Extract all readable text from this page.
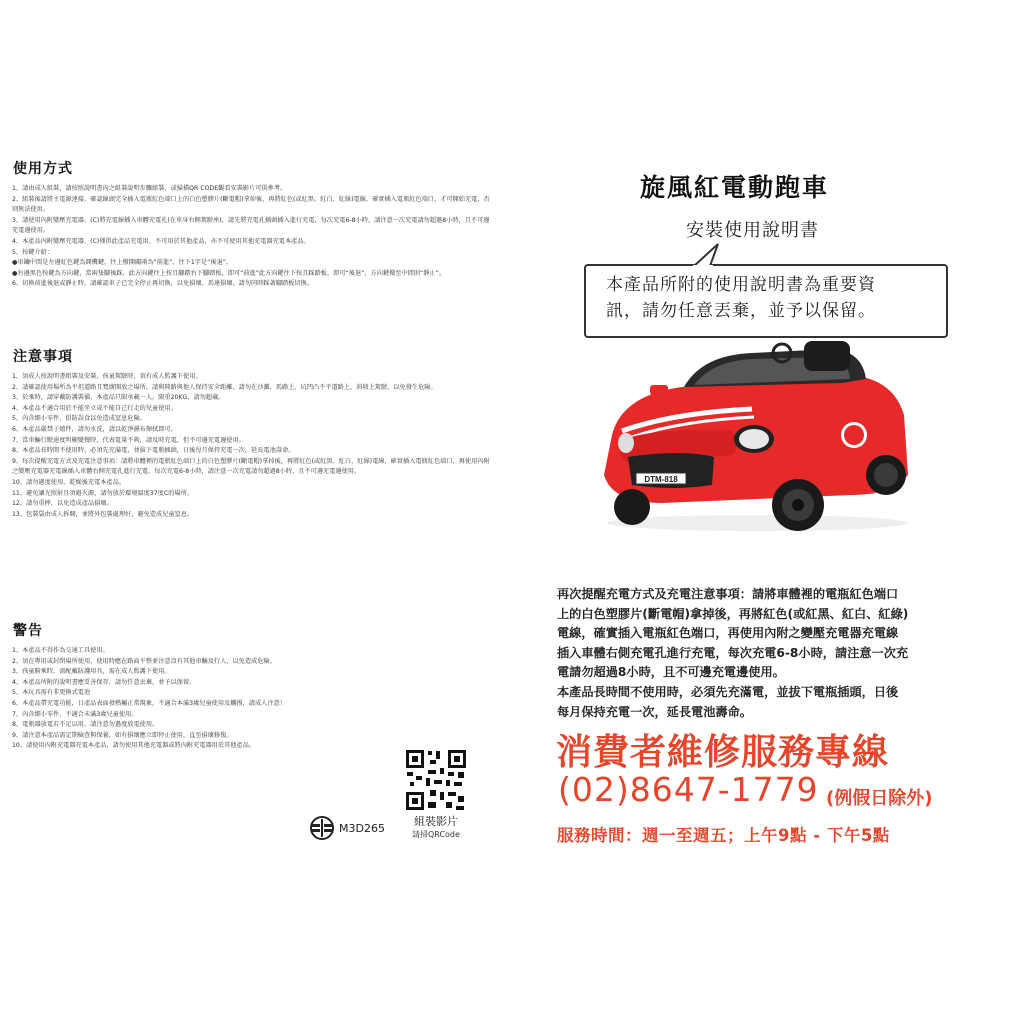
使用方式
1、請由成人組裝，請按照說明書內之組裝說明步驟組裝，或掃描QR CODE觀看安裝影片可供參考。
2、組裝後請將主電源連接，確認線頭完全插入電瓶紅色端口上的白色塑膠片(斷電帽)拿掉後，再將紅色(或紅黑、紅白、紅綠)電線，確實插入電瓶紅色端口，才可開始充電，否則無法使用。
3、請使用內附變壓充電器，(C)將充電線插入車體充電孔(在車身右側駕駛座)，請先將充電孔插頭插入進行充電，每次充電6-8小時，請注意一次充電請勿超過8小時，且不可邊充電邊使用。
4、本產品內附變壓充電器，(C)僅供此產品充電用，不可用於其他產品，亦不可使用其他充電器充電本產品。
5、按鍵介紹：
●車鑰中間是左邊紅色鍵為開機鍵，往上撥開關兩為“前進”，往下1字是“後退”。
●右邊黑色按鍵為方向鍵，當兩隻腳後踩，此方向鍵往上按且腳踏右下腳踏板，即可“前進”此方向鍵往下按且踩踏板，即可“後退”，方向鍵撥至中間則“靜止”。
6、切換前進後退或靜止時，請確認車子已完全停止再切換，以免損壞、馬達損壞，請勿同時踩著腳踏板切換。
注意事項
1、須成人按說明書組裝及安裝，孩童駕駛時，須有成人監護下使用。
2、請確認使用場所為平坦道路且寬廣開放之場所，請與陸路與他人保持安全距離，請勿在沙灘、馬路上、坑凹凸不平道路上、斜坡上駕駛，以免發生危險。
3、於乘時，請穿戴防護裝備，本產品只限承載一人，限重20KG，請勿超載。
4、本產品不適合用於不能坐立或不能自己行走的兒童使用。
5、內含細小零件，俱防誤食以免造成窒息危險。
6、本產品嚴禁子嬉件，請勿水洗，請以乾淨濕布擦拭即可。
7、當車輛行駛速度明顯變慢時，代表電量不夠，請及時充電，但不可邊充電邊使用。
8、本產品長時間不使用時，必須先充滿電，並拔下電瓶插頭，日後每月保持充電一次，延長電池壽命。
9、每次提醒充電方式及充電注意事項：請將車體裡的電瓶紅色端口上的白色塑膠片(斷電帽)拿掉後，再將紅色(或紅黑、紅白、紅綠)電線，確實插入電瓶紅色端口，再使用內附之變壓充電器充電線插入車體右側充電孔進行充電，每次充電6-8小時，請注意一次充電請勿超過8小時，且不可邊充電邊使用。
10、請勿過度使用，乾燥後充電本產品。
11、避免讓光照射且須避火源，請勿放於環境溫度37度C的場所。
12、請勿重摔，以免造成產品損壞。
13、包裝袋由成人拆開，並將外包裝處理好，避免造成兒童窒息。
警告
1、本產品不得作為交通工具使用。
2、須在專用或封閉場所使用，使用時應在路面平整並注意沒有其他車輛及行人，以免造成危險。
3、孩童騎乘時，需配戴防護用具，需在成人監護下使用。
4、本產品所附的說明書應妥善保存，請勿任意丟棄，並予以保留。
5、本玩具需有非更換式電池
6、本產品帶充電功能，日產品表面發熱屬正常現象，不適合本滿3歲兒童使用及觸摸，請成人注意！
7、內含細小零件，不適合未滿3歲兒童使用。
8、電瓶器放電若不足以用，請注意勿過度放電使用。
9、請注意本產品需定期檢查與保養，如有損壞應立即停止使用，直至損壞修復。
10、請使用內附充電器充電本產品，請勿使用其他充電器或將內附充電器用於其他產品。
M3D265	組裝影片
請掃QRCode
旋風紅電動跑車
安裝使用說明書
本產品所附的使用說明書為重要資
訊，請勿任意丟棄，並予以保留。
DTM-818
再次提醒充電方式及充電注意事項：請將車體裡的電瓶紅色端口
上的白色塑膠片(斷電帽)拿掉後，再將紅色(或紅黑、紅白、紅綠)
電線，確實插入電瓶紅色端口，再使用內附之變壓充電器充電線
插入車體右側充電孔進行充電，每次充電6-8小時，請注意一次充
電請勿超過8小時，且不可邊充電邊使用。
本產品長時間不使用時，必須先充滿電，並拔下電瓶插頭，日後
每月保持充電一次，延長電池壽命。
消費者維修服務專線
(02)8647-1779 (例假日除外)
服務時間：週一至週五；上午9點 - 下午5點
